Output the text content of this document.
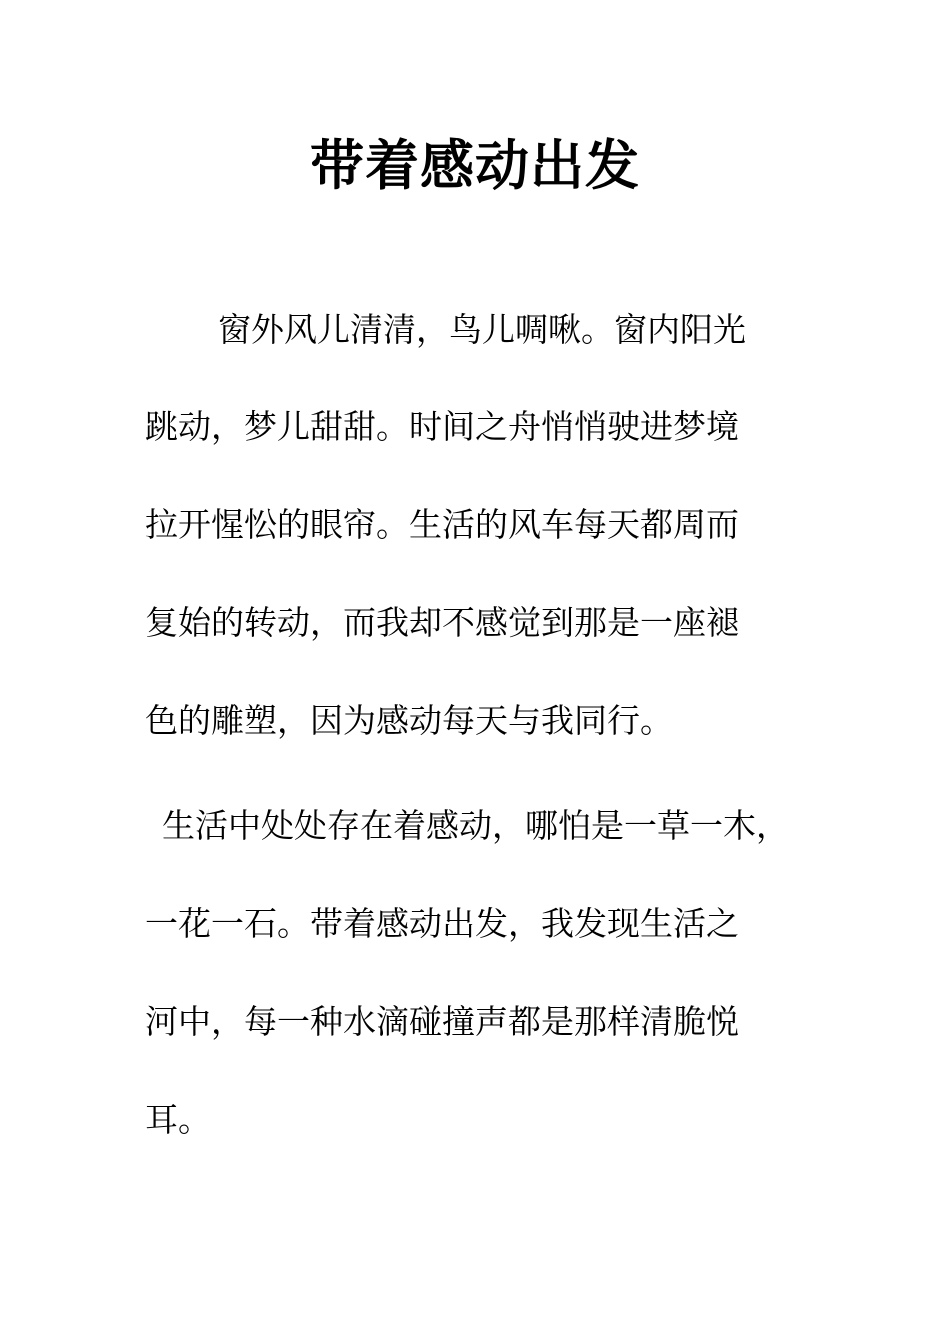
带着感动出发
窗外风儿清清，鸟儿啁啾。窗内阳光
跳动，梦儿甜甜。时间之舟悄悄驶进梦境
拉开惺忪的眼帘。生活的风车每天都周而
复始的转动，而我却不感觉到那是一座褪
色的雕塑，因为感动每天与我同行。
生活中处处存在着感动，哪怕是一草一木，
一花一石。带着感动出发，我发现生活之
河中，每一种水滴碰撞声都是那样清脆悦
耳。
